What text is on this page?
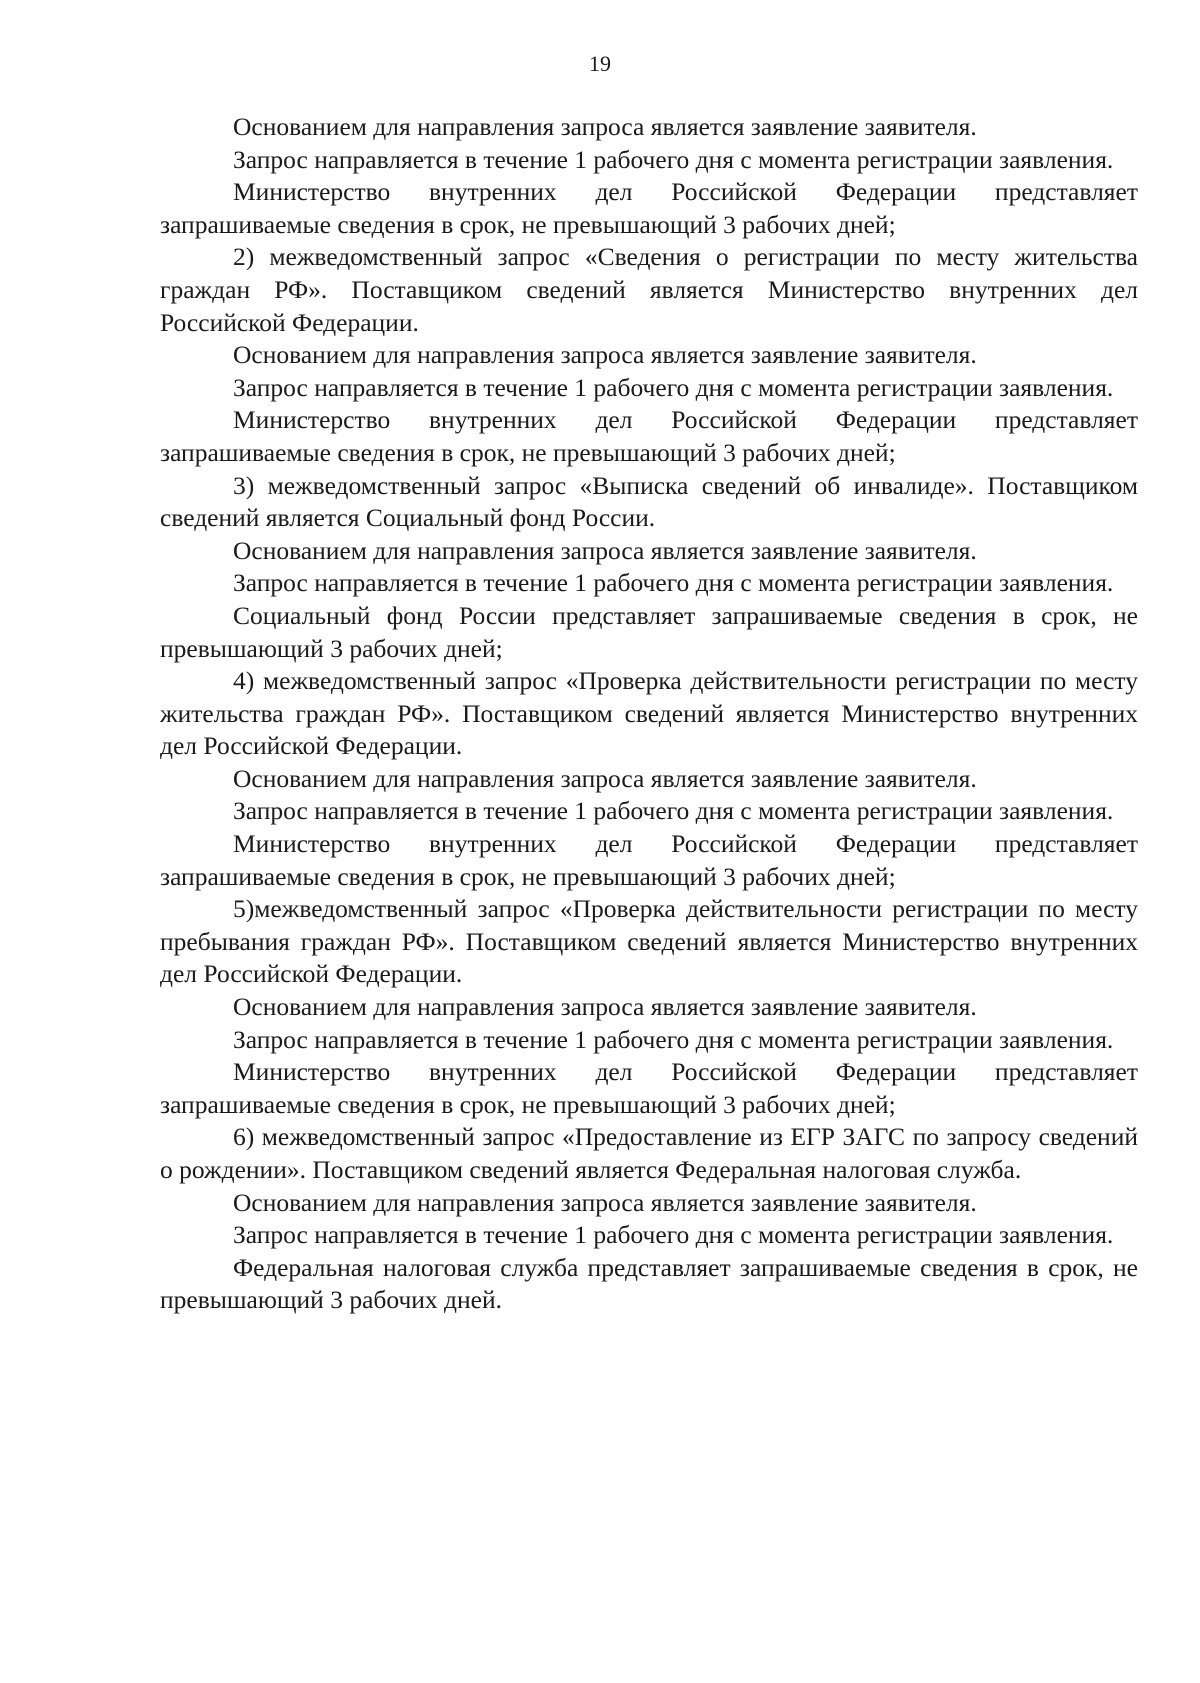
19

Основанием для направления запроса является заявление заявителя.

Запрос направляется в течение 1 рабочего дня с момента регистрации заявления.

Министерство внутренних дел Российской Федерации представляет запрашиваемые сведения в срок, не превышающий 3 рабочих дней;

2) межведомственный запрос «Сведения о регистрации по месту жительства граждан РФ». Поставщиком сведений является Министерство внутренних дел Российской Федерации.

Основанием для направления запроса является заявление заявителя.

Запрос направляется в течение 1 рабочего дня с момента регистрации заявления.

Министерство внутренних дел Российской Федерации представляет запрашиваемые сведения в срок, не превышающий 3 рабочих дней;

3) межведомственный запрос «Выписка сведений об инвалиде». Поставщиком сведений является Социальный фонд России.

Основанием для направления запроса является заявление заявителя.

Запрос направляется в течение 1 рабочего дня с момента регистрации заявления.

Социальный фонд России представляет запрашиваемые сведения в срок, не превышающий 3 рабочих дней;

4) межведомственный запрос «Проверка действительности регистрации по месту жительства граждан РФ». Поставщиком сведений является Министерство внутренних дел Российской Федерации.

Основанием для направления запроса является заявление заявителя.

Запрос направляется в течение 1 рабочего дня с момента регистрации заявления.

Министерство внутренних дел Российской Федерации представляет запрашиваемые сведения в срок, не превышающий 3 рабочих дней;

5)межведомственный запрос «Проверка действительности регистрации по месту пребывания граждан РФ». Поставщиком сведений является Министерство внутренних дел Российской Федерации.

Основанием для направления запроса является заявление заявителя.

Запрос направляется в течение 1 рабочего дня с момента регистрации заявления.

Министерство внутренних дел Российской Федерации представляет запрашиваемые сведения в срок, не превышающий 3 рабочих дней;

6) межведомственный запрос «Предоставление из ЕГР ЗАГС по запросу сведений о рождении». Поставщиком сведений является Федеральная налоговая служба.

Основанием для направления запроса является заявление заявителя.

Запрос направляется в течение 1 рабочего дня с момента регистрации заявления.

Федеральная налоговая служба представляет запрашиваемые сведения в срок, не превышающий 3 рабочих дней.
